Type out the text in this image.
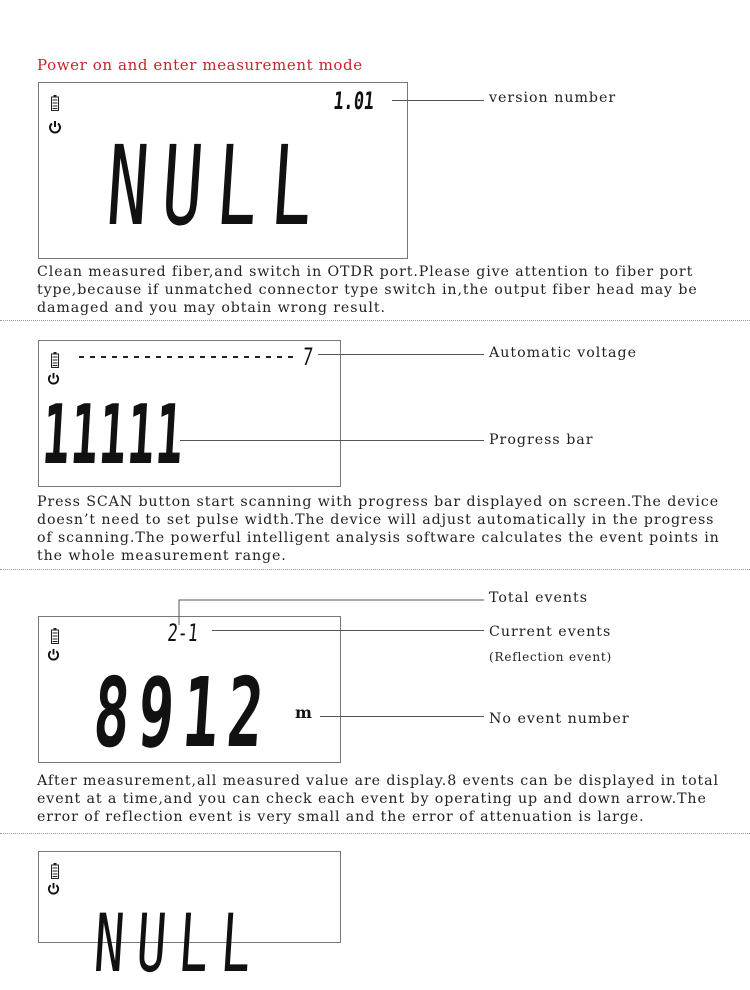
Power on and enter measurement mode
1.01
NULL
version number
Clean measured fiber,and switch in OTDR port.Please give attention to fiber port
type,because if unmatched connector type switch in,the output fiber head may be
damaged and you may obtain wrong result.
7
11111
Automatic voltage
Progress bar
Press SCAN button start scanning with progress bar displayed on screen.The device
doesn’t need to set pulse width.The device will adjust automatically in the progress
of scanning.The powerful intelligent analysis software calculates the event points in
the whole measurement range.
2-1
8912 m
Total events
Current events
(Reflection event)
No event number
After measurement,all measured value are display.8 events can be displayed in total
event at a time,and you can check each event by operating up and down arrow.The
error of reflection event is very small and the error of attenuation is large.
NULL
